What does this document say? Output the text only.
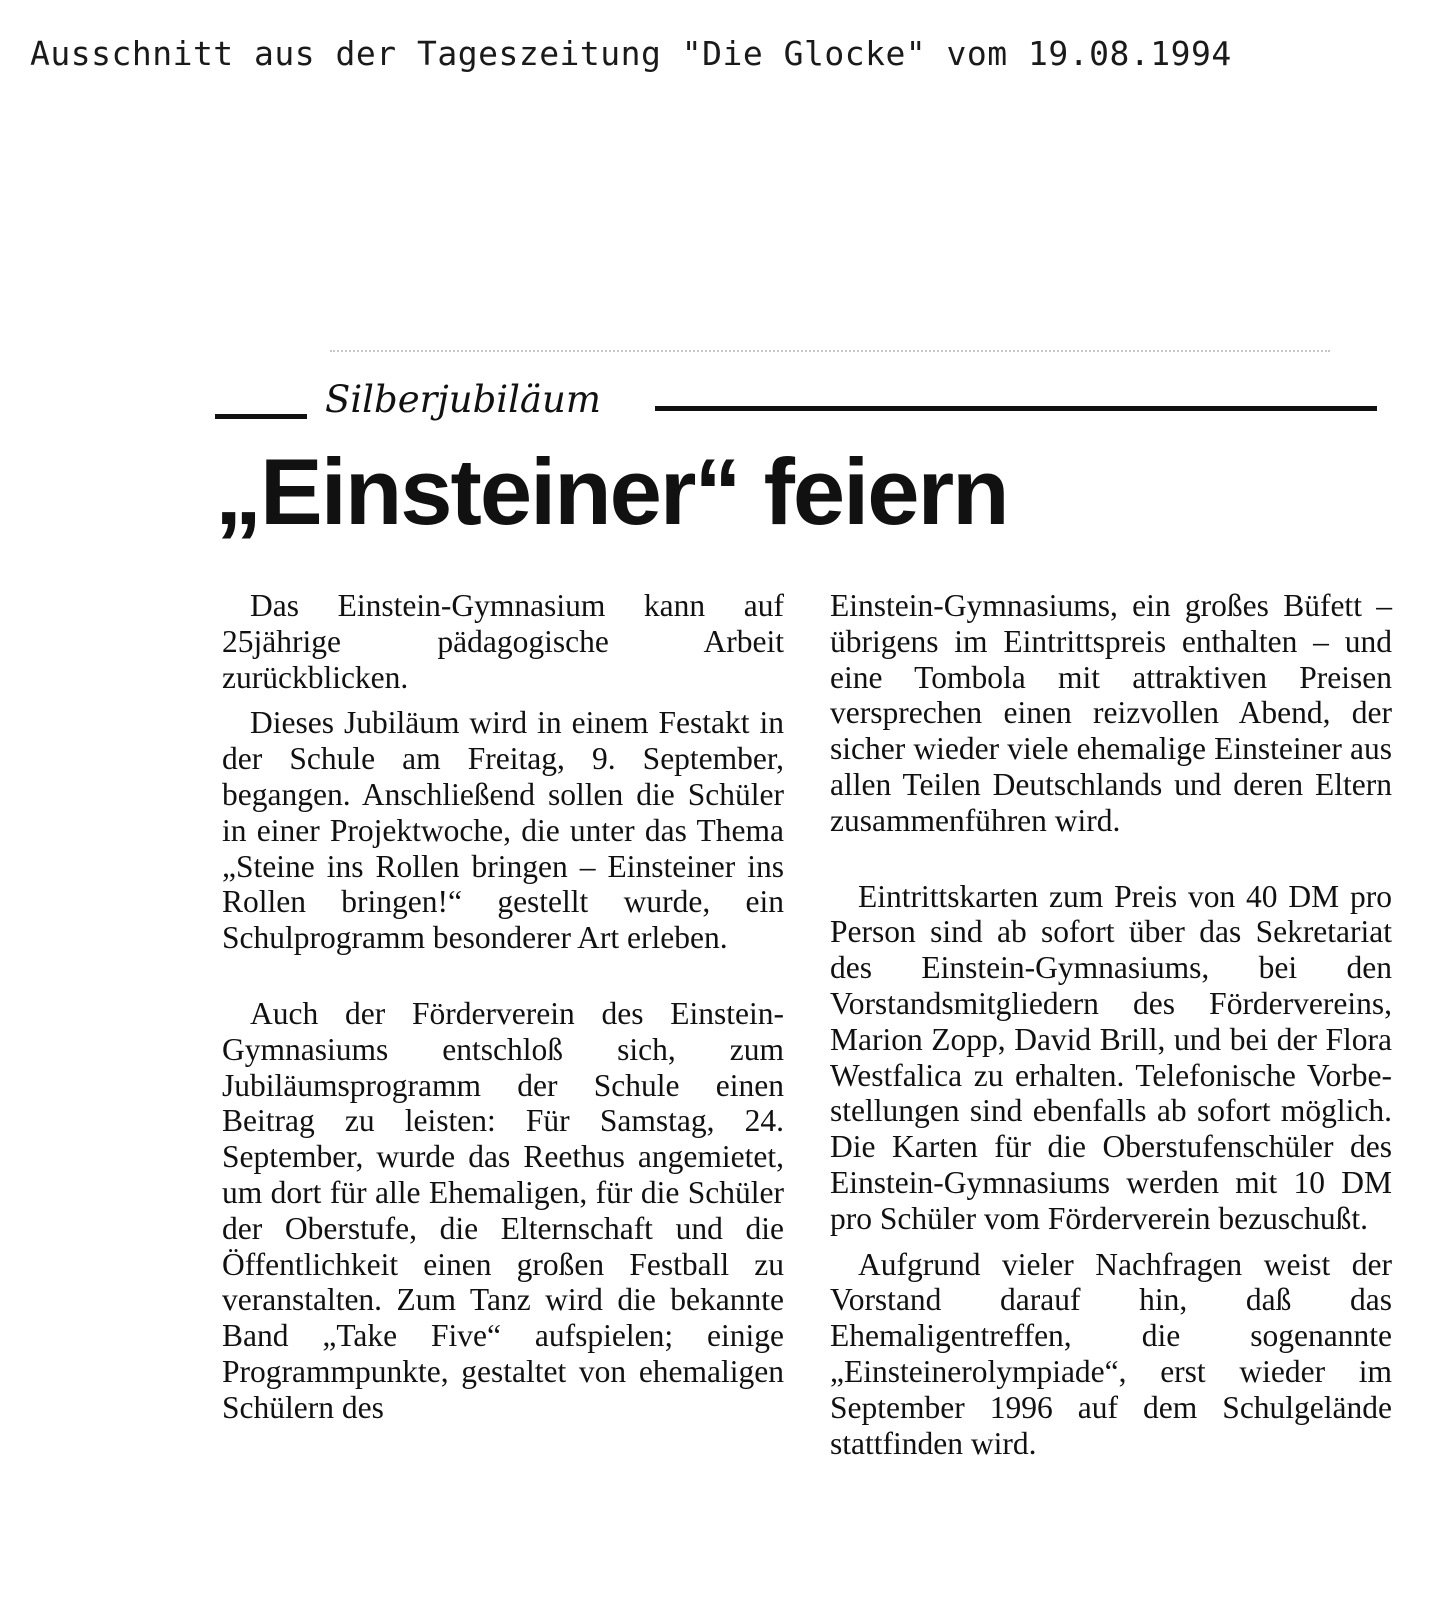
Ausschnitt aus der Tageszeitung "Die Glocke" vom 19.08.1994
Silberjubiläum
„Einsteiner“ feiern

Das Einstein-Gymnasium kann auf 25jährige pädagogische Arbeit zurückblicken.

Dieses Jubiläum wird in einem Festakt in der Schule am Freitag, 9. September, begangen. Anschließend sollen die Schüler in einer Projektwoche, die unter das Thema „Steine ins Rollen bringen – Einsteiner ins Rollen bringen!“ gestellt wurde, ein Schulprogramm besonderer Art erleben.

Auch der Förderverein des Einstein-Gymnasiums entschloß sich, zum Jubiläumsprogramm der Schule einen Beitrag zu leisten: Für Samstag, 24. September, wurde das Reethus angemietet, um dort für alle Ehemaligen, für die Schüler der Oberstufe, die Elternschaft und die Öffentlichkeit einen großen Festball zu veranstalten. Zum Tanz wird die bekannte Band „Take Five“ aufspielen; einige Programmpunkte, gestaltet von ehemaligen Schülern des

Einstein-Gymnasiums, ein großes Büfett – übrigens im Eintrittspreis enthalten – und eine Tombola mit attraktiven Preisen versprechen einen reizvollen Abend, der sicher wieder viele ehemalige Einsteiner aus allen Teilen Deutschlands und deren Eltern zusammenführen wird.

Eintrittskarten zum Preis von 40 DM pro Person sind ab sofort über das Sekretariat des Einstein-Gymnasiums, bei den Vorstandsmitgliedern des Fördervereins, Marion Zopp, David Brill, und bei der Flora Westfalica zu erhalten. Telefonische Vorbestellungen sind ebenfalls ab sofort möglich. Die Karten für die Oberstufenschüler des Einstein-Gymnasiums werden mit 10 DM pro Schüler vom Förderverein bezuschußt.

Aufgrund vieler Nachfragen weist der Vorstand darauf hin, daß das Ehemaligentreffen, die sogenannte „Einsteinerolympiade“, erst wieder im September 1996 auf dem Schulgelände stattfinden wird.
